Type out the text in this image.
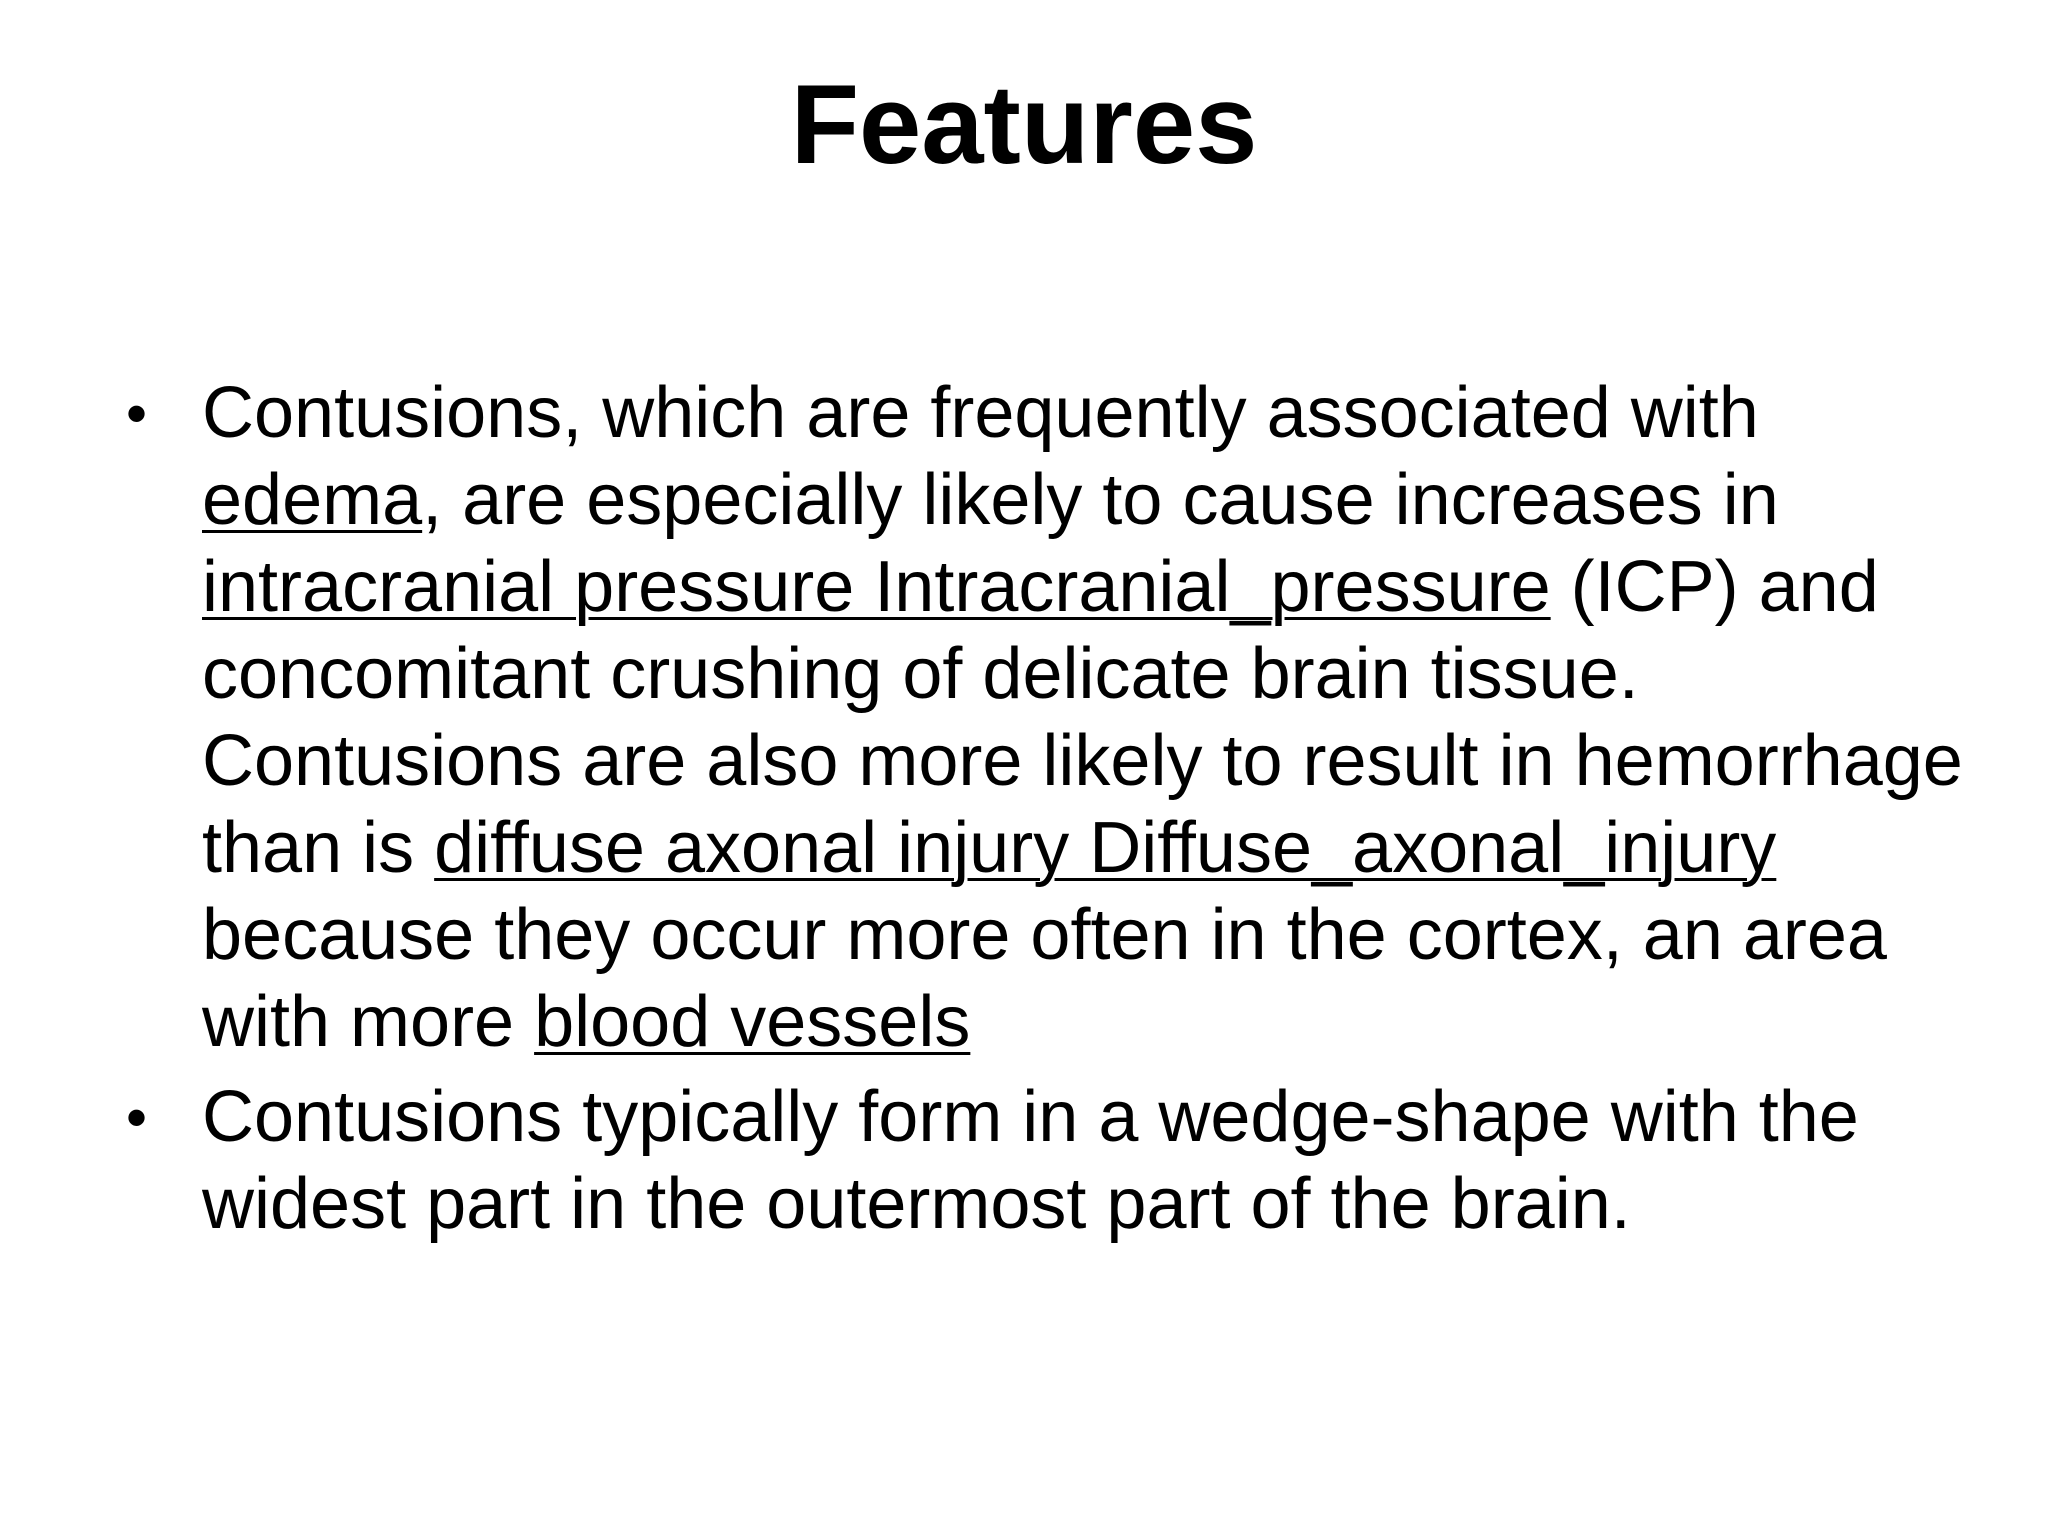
Features
• Contusions, which are frequently associated with edema, are especially likely to cause increases in intracranial pressure Intracranial_pressure (ICP) and concomitant crushing of delicate brain tissue. Contusions are also more likely to result in hemorrhage than is diffuse axonal injury Diffuse_axonal_injury because they occur more often in the cortex, an area with more blood vessels
• Contusions typically form in a wedge-shape with the widest part in the outermost part of the brain.
